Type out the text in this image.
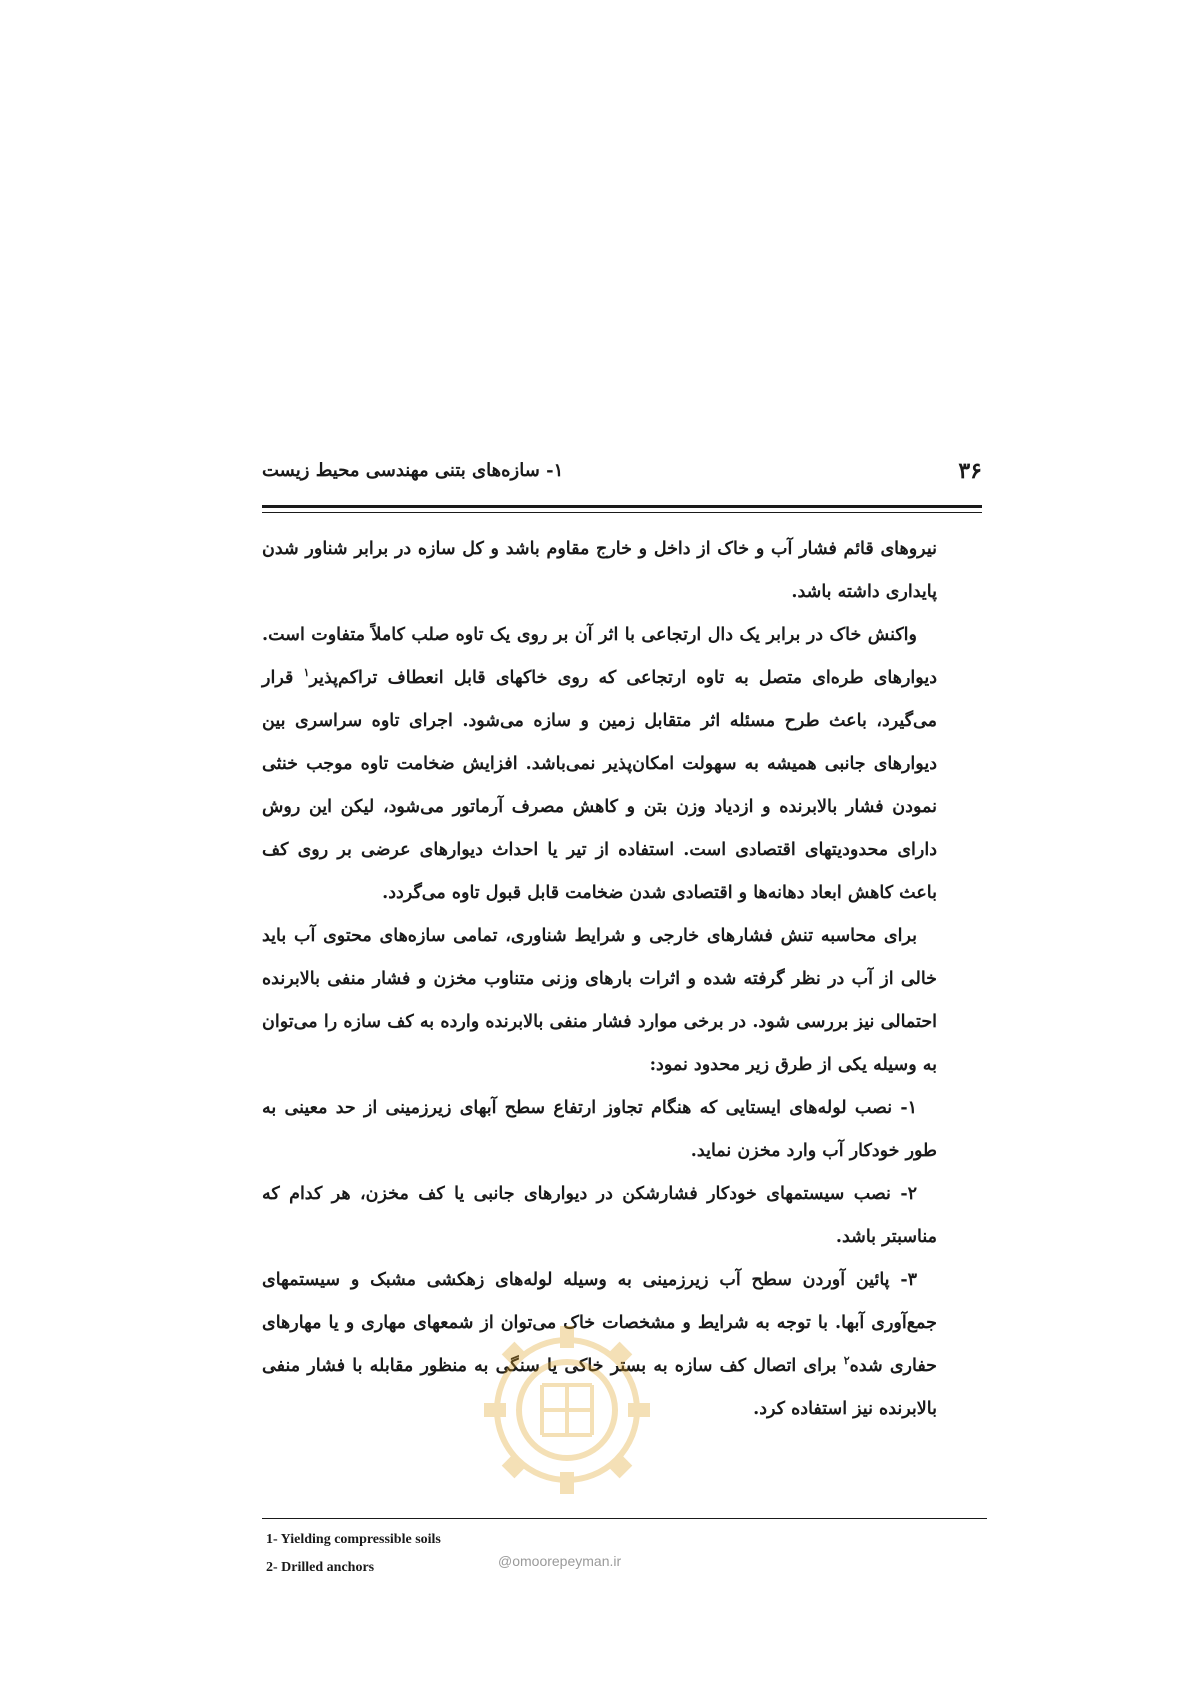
۱- سازه‌های بتنی مهندسی محیط زیست	۳۶

نیروهای قائم فشار آب و خاک از داخل و خارج مقاوم باشد و کل سازه در برابر شناور شدن پایداری داشته باشد.

واکنش خاک در برابر یک دال ارتجاعی با اثر آن بر روی یک تاوه صلب کاملاً متفاوت است. دیوارهای طره‌ای متصل به تاوه ارتجاعی که روی خاکهای قابل انعطاف تراکم‌پذیر$^۱$ قرار می‌گیرد، باعث طرح مسئله اثر متقابل زمین و سازه می‌شود. اجرای تاوه سراسری بین دیوارهای جانبی همیشه به سهولت امکان‌پذیر نمی‌باشد. افزایش ضخامت تاوه موجب خنثی نمودن فشار بالابرنده و ازدیاد وزن بتن و کاهش مصرف آرماتور می‌شود، لیکن این روش دارای محدودیتهای اقتصادی است. استفاده از تیر یا احداث دیوارهای عرضی بر روی کف باعث کاهش ابعاد دهانه‌ها و اقتصادی شدن ضخامت قابل قبول تاوه می‌گردد.

برای محاسبه تنش فشارهای خارجی و شرایط شناوری، تمامی سازه‌های محتوی آب باید خالی از آب در نظر گرفته شده و اثرات بارهای وزنی متناوب مخزن و فشار منفی بالابرنده احتمالی نیز بررسی شود. در برخی موارد فشار منفی بالابرنده وارده به کف سازه را می‌توان به وسیله یکی از طرق زیر محدود نمود:

۱- نصب لوله‌های ایستایی که هنگام تجاوز ارتفاع سطح آبهای زیرزمینی از حد معینی به طور خودکار آب وارد مخزن نماید.

۲- نصب سیستمهای خودکار فشارشکن در دیوارهای جانبی یا کف مخزن، هر کدام که مناسبتر باشد.

۳- پائین آوردن سطح آب زیرزمینی به وسیله لوله‌های زهکشی مشبک و سیستمهای جمع‌آوری آبها. با توجه به شرایط و مشخصات خاک می‌توان از شمعهای مهاری و یا مهارهای حفاری شده$^۲$ برای اتصال کف سازه به بستر خاکی یا سنگی به منظور مقابله با فشار منفی بالابرنده نیز استفاده کرد.

1- Yielding compressible soils
2- Drilled anchors	@omoorepeyman.ir
